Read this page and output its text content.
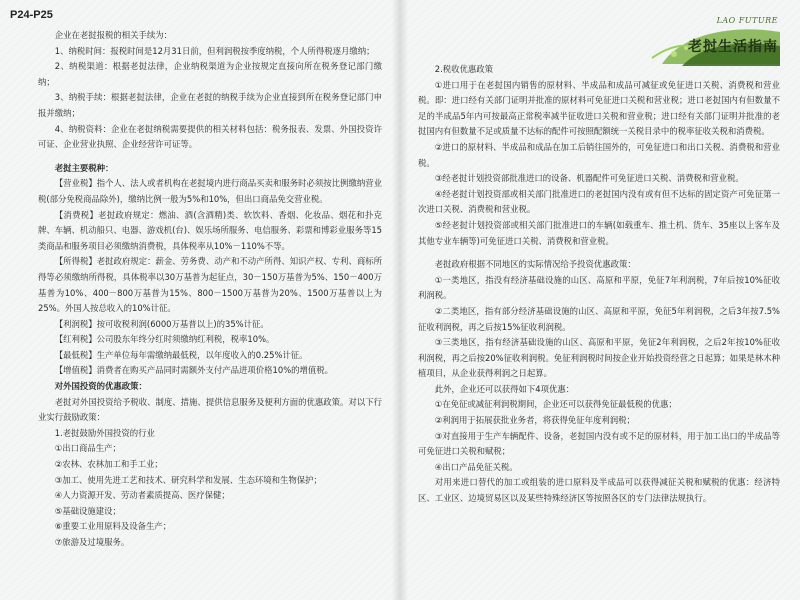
P24-P25

企业在老挝报税的相关手续为：

1、纳税时间：报税时间是12月31日前，但利润税按季度纳税，个人所得税逐月缴纳；

2、纳税渠道：根据老挝法律，企业纳税渠道为企业按规定直接向所在税务登记部门缴纳；

3、纳税手续：根据老挝法律，企业在老挝的纳税手续为企业直接到所在税务登记部门申报并缴纳；

4、纳税资料：企业在老挝纳税需要提供的相关材料包括：税务报表、发票、外国投资许可证、企业营业执照、企业经营许可证等。

老挝主要税种：

【营业税】指个人、法人或者机构在老挝境内进行商品买卖和服务时必须按比例缴纳营业税(部分免税商品除外)，缴纳比例一般为5%和10%，但出口商品免交营业税。

【消费税】老挝政府规定：燃油、酒(含酒精)类、软饮料、香烟、化妆品、烟花和扑克牌、车辆、机动船只、电器、游戏机(台)、娱乐场所服务、电信服务、彩票和博彩业服务等15类商品和服务项目必须缴纳消费税，具体税率从10%－110%不等。

【所得税】老挝政府规定：薪金、劳务费、动产和不动产所得、知识产权、专利、商标所得等必须缴纳所得税，具体税率以30万基普为起征点，30－150万基普为5%、150－400万基普为10%、400－800万基普为15%、800－1500万基普为20%、1500万基普以上为25%。外国人按总收入的10%计征。

【利润税】按可收税利润(6000万基普以上)的35%计征。

【红利税】公司股东年终分红时须缴纳红利税，税率10%。

【最低税】生产单位每年需缴纳最低税，以年度收入的0.25%计征。

【增值税】消费者在购买产品同时需额外支付产品进项价格10%的增值税。

对外国投资的优惠政策：

老挝对外国投资给予税收、制度、措施、提供信息服务及便利方面的优惠政策。对以下行业实行鼓励政策：

1.老挝鼓励外国投资的行业

①出口商品生产；

②农林、农林加工和手工业；

③加工、使用先进工艺和技术、研究科学和发展、生态环境和生物保护；

④人力资源开发、劳动者素质提高、医疗保健；

⑤基础设施建设；

⑥重要工业用原料及设备生产；

⑦旅游及过境服务。

LAO FUTURE
老挝生活指南

2.税收优惠政策

①进口用于在老挝国内销售的原材料、半成品和成品可减征或免征进口关税、消费税和营业税。即：进口经有关部门证明并批准的原材料可免征进口关税和营业税；进口老挝国内有但数量不足的半成品5年内可按最高正常税率减半征收进口关税和营业税；进口经有关部门证明并批准的老挝国内有但数量不足或质量不达标的配件可按照配额统一关税目录中的税率征收关税和消费税。

②进口的原材料、半成品和成品在加工后销往国外的，可免征进口和出口关税、消费税和营业税。

③经老挝计划投资部批准进口的设备、机器配件可免征进口关税、消费税和营业税。

④经老挝计划投资部或相关部门批准进口的老挝国内没有或有但不达标的固定资产可免征第一次进口关税、消费税和营业税。

⑤经老挝计划投资部或相关部门批准进口的车辆(如载重车、推土机、货车、35座以上客车及其他专业车辆等)可免征进口关税、消费税和营业税。

老挝政府根据不同地区的实际情况给予投资优惠政策：

①一类地区，指没有经济基础设施的山区、高原和平原，免征7年利润税，7年后按10%征收利润税。

②二类地区，指有部分经济基础设施的山区、高原和平原，免征5年利润税，之后3年按7.5%征收利润税，再之后按15%征收利润税。

③三类地区，指有经济基础设施的山区、高原和平原，免征2年利润税，之后2年按10%征收利润税，再之后按20%征收利润税。免征利润税时间按企业开始投资经营之日起算；如果是林木种植项目，从企业获得利润之日起算。

此外，企业还可以获得如下4项优惠：

①在免征或减征利润税期间，企业还可以获得免征最低税的优惠；

②利润用于拓展获批业务者，将获得免征年度利润税；

③对直接用于生产车辆配件、设备，老挝国内没有或不足的原材料，用于加工出口的半成品等可免征进口关税和赋税；

④出口产品免征关税。

对用来进口替代的加工或组装的进口原料及半成品可以获得减征关税和赋税的优惠：经济特区、工业区、边境贸易区以及某些特殊经济区等按照各区的专门法律法规执行。
